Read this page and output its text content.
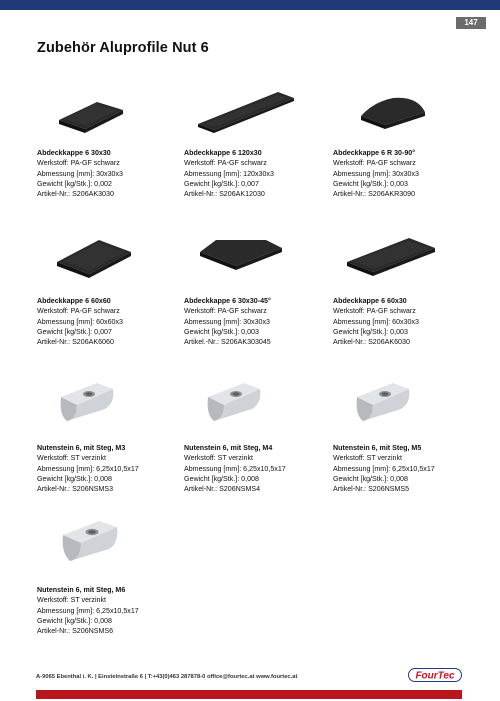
147
Zubehör Aluprofile Nut 6
Abdeckkappe 6 30x30
Werkstoff: PA-GF schwarz
Abmessung [mm]: 30x30x3
Gewicht [kg/Stk.]: 0,002
Artikel-Nr.: S206AK3030
Abdeckkappe 6 120x30
Werkstoff: PA-GF schwarz
Abmessung [mm]: 120x30x3
Gewicht [kg/Stk.]: 0,007
Artikel-Nr.: S206AK12030
Abdeckkappe 6 R 30-90°
Werkstoff: PA-GF schwarz
Abmessung [mm]: 30x30x3
Gewicht [kg/Stk.]: 0,003
Artikel-Nr.: S206AKR3090
Abdeckkappe 6 60x60
Werkstoff: PA-GF schwarz
Abmessung [mm]: 60x60x3
Gewicht [kg/Stk.]: 0,007
Artikel-Nr.: S206AK6060
Abdeckkappe 6 30x30-45°
Werkstoff: PA-GF schwarz
Abmessung [mm]: 30x30x3
Gewicht [kg/Stk.]: 0,003
Artikel.-Nr.: S206AK303045
Abdeckkappe 6 60x30
Werkstoff: PA-GF schwarz
Abmessung [mm]: 60x30x3
Gewicht [kg/Stk.]: 0,003
Artikel-Nr.: S206AK6030
Nutenstein 6, mit Steg, M3
Werkstoff: ST verzinkt
Abmessung [mm]: 6,25x10,5x17
Gewicht [kg/Stk.]: 0,008
Artikel-Nr.: S206NSMS3
Nutenstein 6, mit Steg, M4
Werkstoff: ST verzinkt
Abmessung [mm]: 6,25x10,5x17
Gewicht [kg/Stk.]: 0,008
Artikel-Nr.: S206NSMS4
Nutenstein 6, mit Steg, M5
Werkstoff: ST verzinkt
Abmessung [mm]: 6,25x10,5x17
Gewicht [kg/Stk.]: 0,008
Artikel-Nr.: S206NSMS5
Nutenstein 6, mit Steg, M6
Werkstoff: ST verzinkt
Abmessung [mm]: 6,25x10,5x17
Gewicht [kg/Stk.]: 0,008
Artikel-Nr.: S206NSMS6
A-9065 Ebenthal i. K. | Einsteinstraße 6 | T:+43(0)463 287878-0 office@fourtec.at www.fourtec.at	FourTec
